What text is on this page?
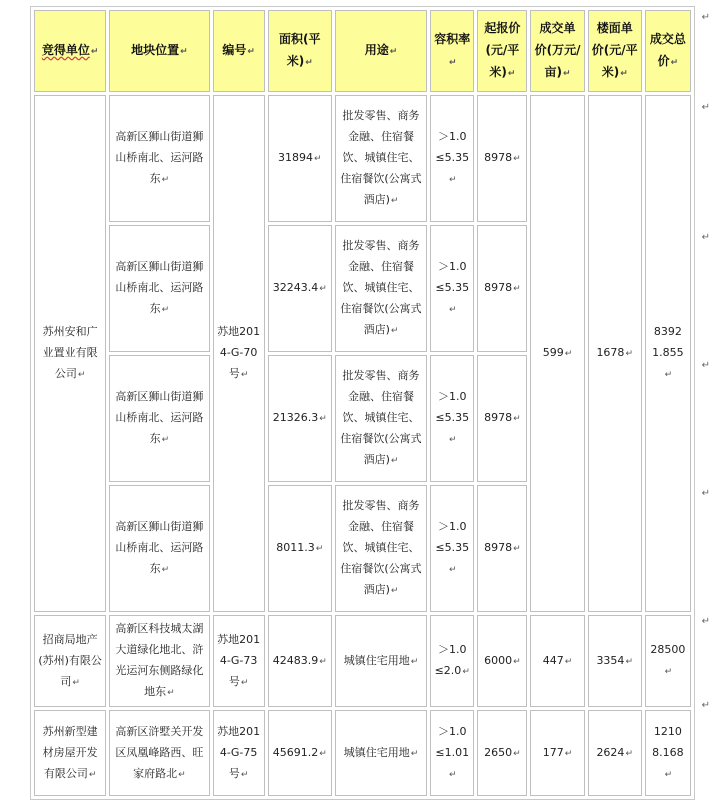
竞得单位↵	地块位置↵	编号↵	面积(平米)↵	用途↵	容积率↵	起报价(元/平米)↵	成交单价(万元/亩)↵	楼面单价(元/平米)↵	成交总价↵
苏州安和广业置业有限公司↵	高新区狮山街道狮山桥南北、运河路东↵	苏地2014-G-70号↵	31894↵	批发零售、商务金融、住宿餐饮、城镇住宅、住宿餐饮(公寓式酒店)↵	＞1.0≤5.35↵	8978↵	599↵	1678↵	83921.855↵
	高新区狮山街道狮山桥南北、运河路东↵		32243.4↵	批发零售、商务金融、住宿餐饮、城镇住宅、住宿餐饮(公寓式酒店)↵	＞1.0≤5.35↵	8978↵			
	高新区狮山街道狮山桥南北、运河路东↵		21326.3↵	批发零售、商务金融、住宿餐饮、城镇住宅、住宿餐饮(公寓式酒店)↵	＞1.0≤5.35↵	8978↵			
	高新区狮山街道狮山桥南北、运河路东↵		8011.3↵	批发零售、商务金融、住宿餐饮、城镇住宅、住宿餐饮(公寓式酒店)↵	＞1.0≤5.35↵	8978↵			
招商局地产(苏州)有限公司↵	高新区科技城太湖大道绿化地北、浒光运河东侧路绿化地东↵	苏地2014-G-73号↵	42483.9↵	城镇住宅用地↵	＞1.0≤2.0↵	6000↵	447↵	3354↵	28500↵
苏州新型建材房屋开发有限公司↵	高新区浒墅关开发区凤凰峰路西、旺家府路北↵	苏地2014-G-75号↵	45691.2↵	城镇住宅用地↵	＞1.0≤1.01↵	2650↵	177↵	2624↵	12108.168↵
↵
↵
↵
↵
↵
↵
↵
